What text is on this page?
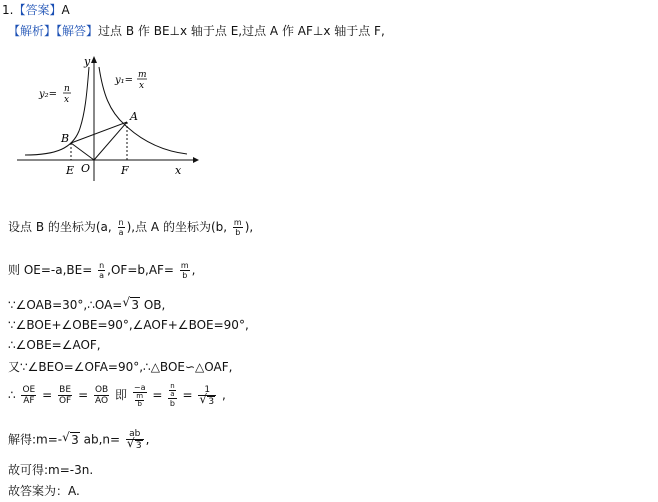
1.【答案】A
【解析】【解答】过点 B 作 BE⊥x 轴于点 E,过点 A 作 AF⊥x 轴于点 F,
y₂= n
x
y₁= m
x
y
x
A
B
E O	F
设点 B 的坐标为(a, $\frac{n}{a}$ ),点 A 的坐标为(b, $\frac{m}{b}$ ),
则 $OE=-a,BE= \frac{n}{a} ,OF=b,AF= \frac{m}{b}$ ,
∵∠OAB=30°,∴OA= √ 3 OB,
∵∠BOE+∠OBE=90°,∠AOF+∠BOE=90°,
∴∠OBE=∠AOF,
又∵∠BEO=∠OFA=90°,∴△BOE∽△OAF,
∴ $\frac{OE}{AF} = \frac{BE}{OF} = \frac{OB}{AO}$ 即 $\frac{-a}{\frac{m}{b}} = \frac{\frac{n}{a}}{b} = 1$
√ 3 ,
解得:m=- √ 3 ab,n= ab
√ 3 ,
故可得:m=-3n.
故答案为：A.
